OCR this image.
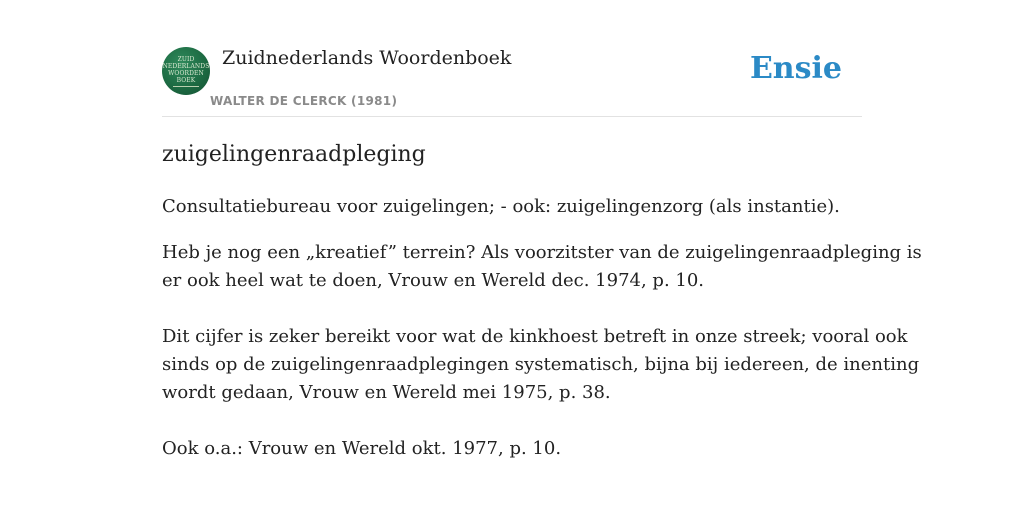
ZUID
NEDERLANDS
WOORDEN
BOEK
Zuidnederlands Woordenboek
WALTER DE CLERCK (1981)
Ensie
zuigelingenraadpleging

Consultatiebureau voor zuigelingen; - ook: zuigelingenzorg (als instantie).

Heb je nog een „kreatief” terrein? Als voorzitster van de zuigelingenraadpleging is
er ook heel wat te doen, Vrouw en Wereld dec. 1974, p. 10.

Dit cijfer is zeker bereikt voor wat de kinkhoest betreft in onze streek; vooral ook
sinds op de zuigelingenraadplegingen systematisch, bijna bij iedereen, de inenting
wordt gedaan, Vrouw en Wereld mei 1975, p. 38.

Ook o.a.: Vrouw en Wereld okt. 1977, p. 10.
